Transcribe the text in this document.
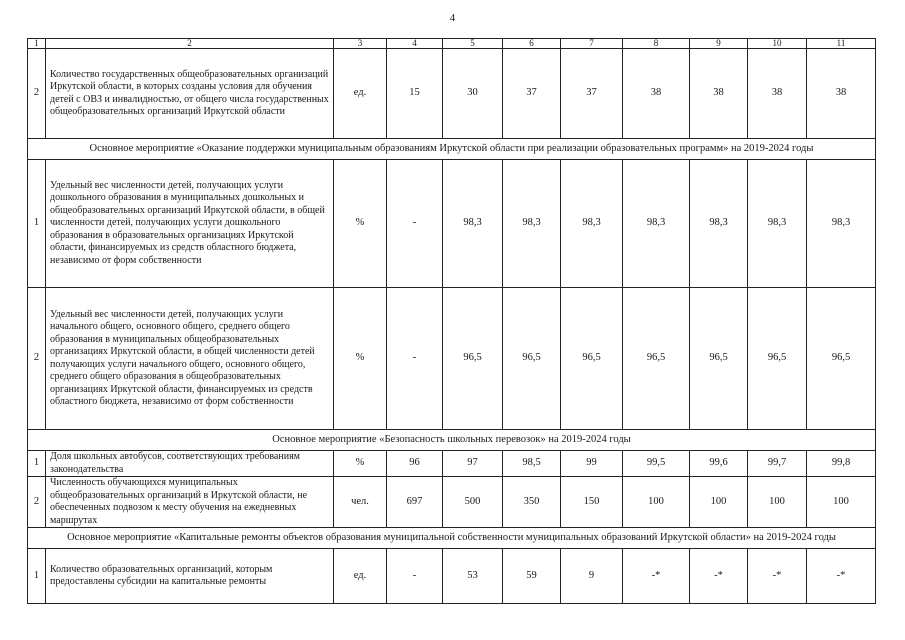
4
1	2	3	4	5	6	7	8	9	10	11
2	Количество государственных общеобразовательных организаций Иркутской области, в которых созданы условия для обучения детей с ОВЗ и инвалидностью, от общего числа государственных общеобразовательных организаций Иркутской области	ед.	15	30	37	37	38	38	38	38
Основное мероприятие «Оказание поддержки муниципальным образованиям Иркутской области при реализации образовательных программ» на 2019-2024 годы										
1	Удельный вес численности детей, получающих услуги дошкольного образования в муниципальных дошкольных и общеобразовательных организаций Иркутской области, в общей численности детей, получающих услуги дошкольного образования в образовательных организациях Иркутской области, финансируемых из средств областного бюджета, независимо от форм собственности	%	-	98,3	98,3	98,3	98,3	98,3	98,3	98,3
2	Удельный вес численности детей, получающих услуги начального общего, основного общего, среднего общего образования в муниципальных общеобразовательных организациях Иркутской области, в общей численности детей получающих услуги начального общего, основного общего, среднего общего образования в общеобразовательных организациях Иркутской области, финансируемых из средств областного бюджета, независимо от форм собственности	%	-	96,5	96,5	96,5	96,5	96,5	96,5	96,5
Основное мероприятие «Безопасность школьных перевозок» на 2019-2024 годы										
1	Доля школьных автобусов, соответствующих требованиям законодательства	%	96	97	98,5	99	99,5	99,6	99,7	99,8
2	Численность обучающихся муниципальных общеобразовательных организаций в Иркутской области, не обеспеченных подвозом к месту обучения на ежедневных маршрутах	чел.	697	500	350	150	100	100	100	100
Основное мероприятие «Капитальные ремонты объектов образования муниципальной собственности муниципальных образований Иркутской области» на 2019-2024 годы										
1	Количество образовательных организаций, которым предоставлены субсидии на капитальные ремонты	ед.	-	53	59	9	-*	-*	-*	-*
